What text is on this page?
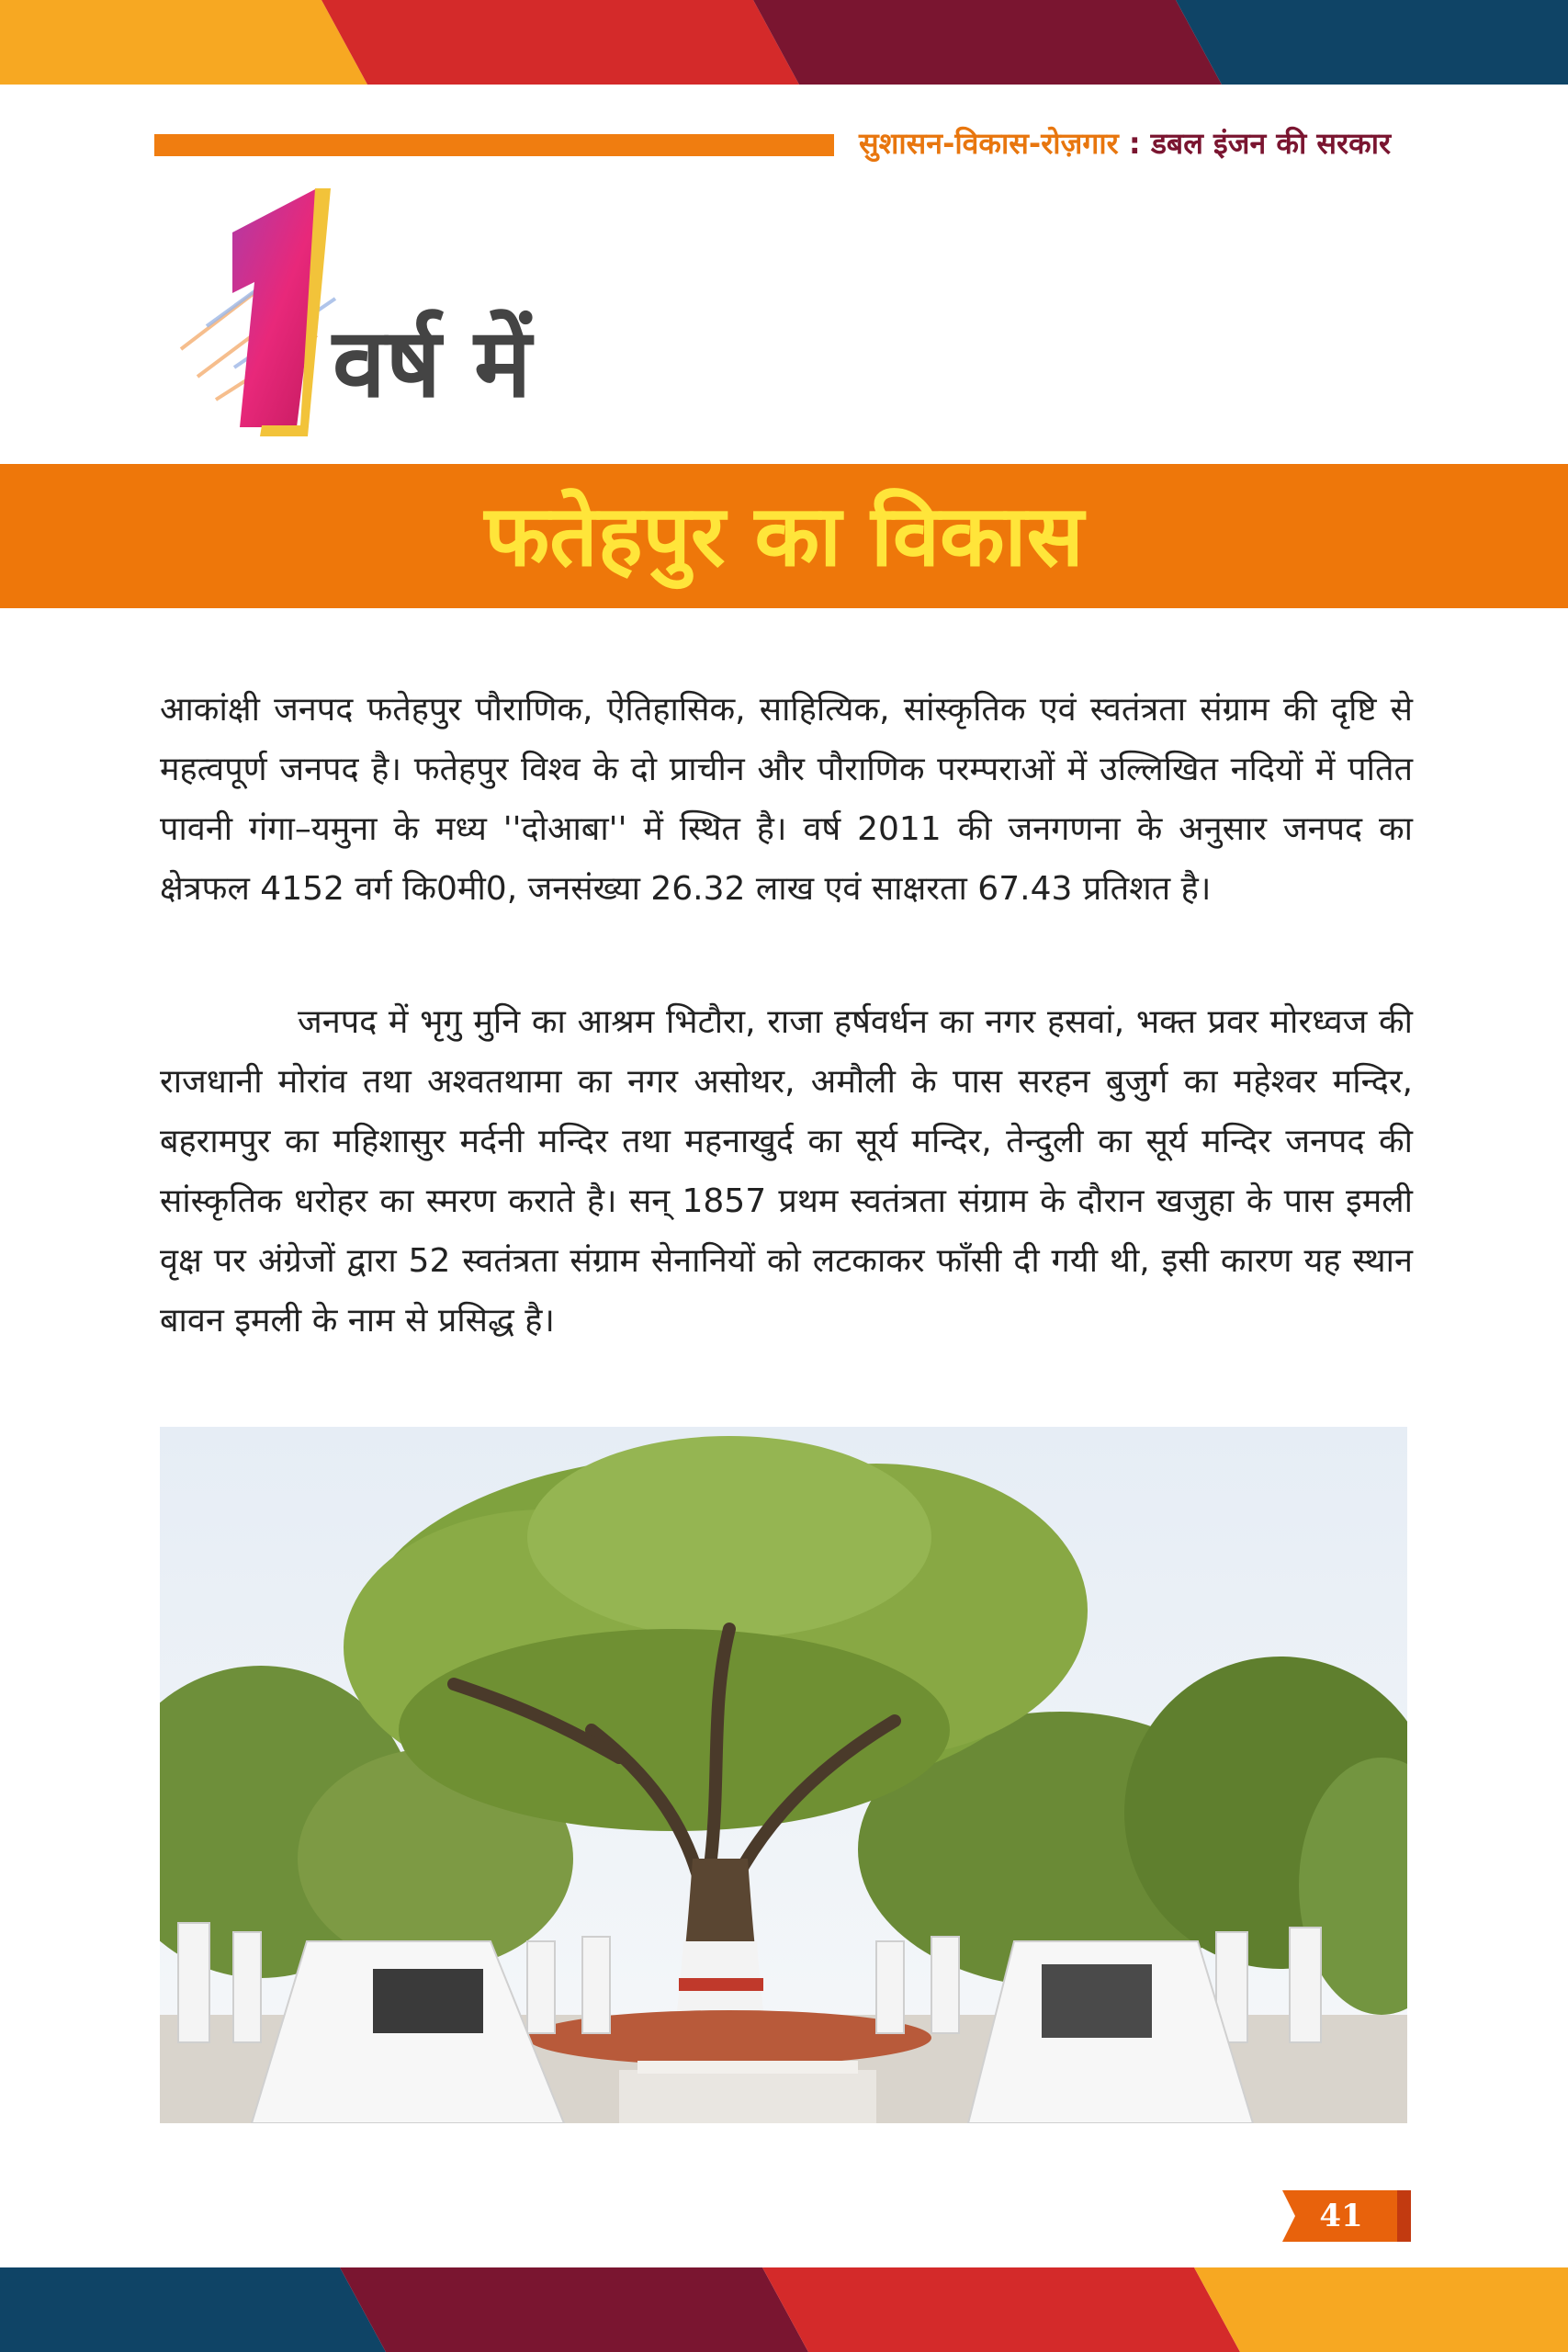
सुशासन-विकास-रोज़गार : डबल इंजन की सरकार
वर्ष में
फतेहपुर का विकास

आकांक्षी जनपद फतेहपुर पौराणिक, ऐतिहासिक, साहित्यिक, सांस्कृतिक एवं स्वतंत्रता संग्राम की दृष्टि से महत्वपूर्ण जनपद है। फतेहपुर विश्व के दो प्राचीन और पौराणिक परम्पराओं में उल्लिखित नदियों में पतित पावनी गंगा–यमुना के मध्य ''दोआबा'' में स्थित है। वर्ष 2011 की जनगणना के अनुसार जनपद का क्षेत्रफल 4152 वर्ग कि0मी0, जनसंख्या 26.32 लाख एवं साक्षरता 67.43 प्रतिशत है।

जनपद में भृगु मुनि का आश्रम भिटौरा, राजा हर्षवर्धन का नगर हसवां, भक्त प्रवर मोरध्वज की राजधानी मोरांव तथा अश्वतथामा का नगर असोथर, अमौली के पास सरहन बुजुर्ग का महेश्वर मन्दिर, बहरामपुर का महिशासुर मर्दनी मन्दिर तथा महनाखुर्द का सूर्य मन्दिर, तेन्दुली का सूर्य मन्दिर जनपद की सांस्कृतिक धरोहर का स्मरण कराते है। सन् 1857 प्रथम स्वतंत्रता संग्राम के दौरान खजुहा के पास इमली वृक्ष पर अंग्रेजों द्वारा 52 स्वतंत्रता संग्राम सेनानियों को लटकाकर फाँसी दी गयी थी, इसी कारण यह स्थान बावन इमली के नाम से प्रसिद्ध है।

41
